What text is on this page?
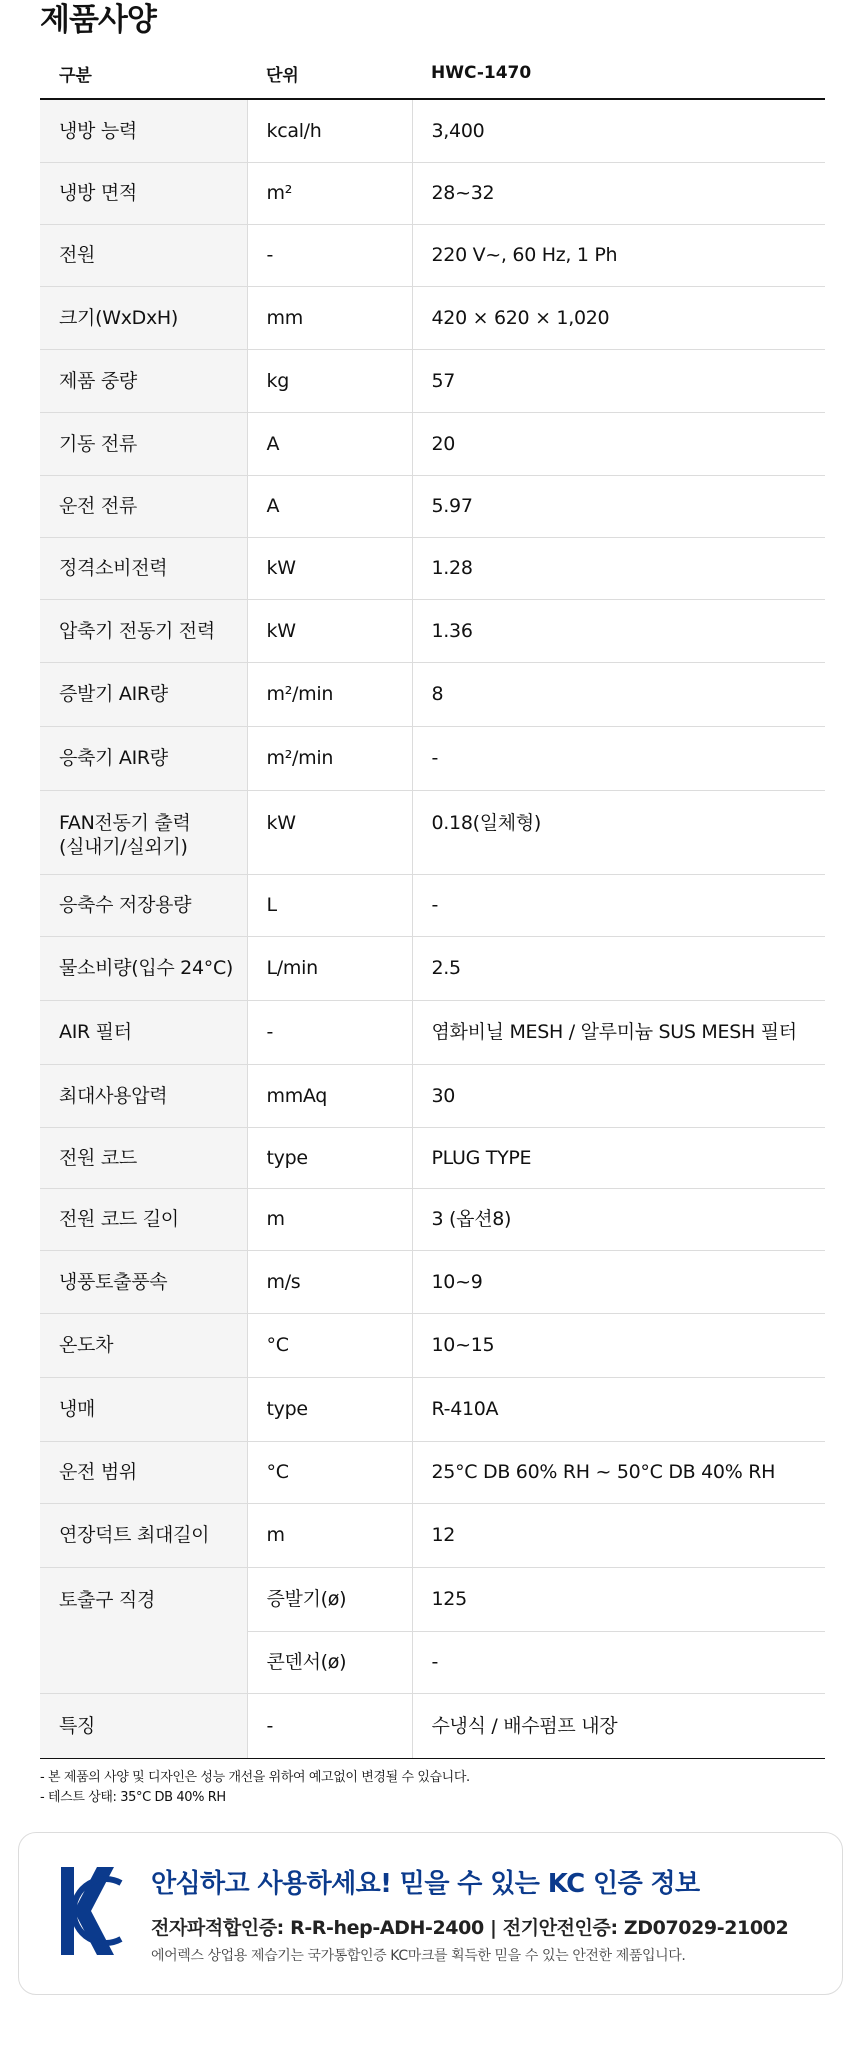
제품사양
구분	단위	HWC-1470
냉방 능력	kcal/h	3,400
냉방 면적	m²	28~32
전원	-	220 V~, 60 Hz, 1 Ph
크기(WxDxH)	mm	420 × 620 × 1,020
제품 중량	kg	57
기동 전류	A	20
운전 전류	A	5.97
정격소비전력	kW	1.28
압축기 전동기 전력	kW	1.36
증발기 AIR량	m²/min	8
응축기 AIR량	m²/min	-

FAN전동기 출력
(실내기/실외기)	kW	0.18(일체형)
응축수 저장용량	L	-
물소비량(입수 24°C)	L/min	2.5
AIR 필터	-	염화비닐 MESH / 알루미늄 SUS MESH 필터
최대사용압력	mmAq	30
전원 코드	type	PLUG TYPE
전원 코드 길이	m	3 (옵션8)
냉풍토출풍속	m/s	10~9
온도차	°C	10~15
냉매	type	R-410A
운전 범위	°C	25°C DB 60% RH ~ 50°C DB 40% RH
연장덕트 최대길이	m	12
토출구 직경	증발기(ø)	125
	콘덴서(ø)	-
특징	-	수냉식 / 배수펌프 내장
- 본 제품의 사양 및 디자인은 성능 개선을 위하여 예고없이 변경될 수 있습니다.
- 테스트 상태: 35°C DB 40% RH
안심하고 사용하세요! 믿을 수 있는 KC 인증 정보
전자파적합인증: R-R-hep-ADH-2400 | 전기안전인증: ZD07029-21002
에어렉스 상업용 제습기는 국가통합인증 KC마크를 획득한 믿을 수 있는 안전한 제품입니다.
